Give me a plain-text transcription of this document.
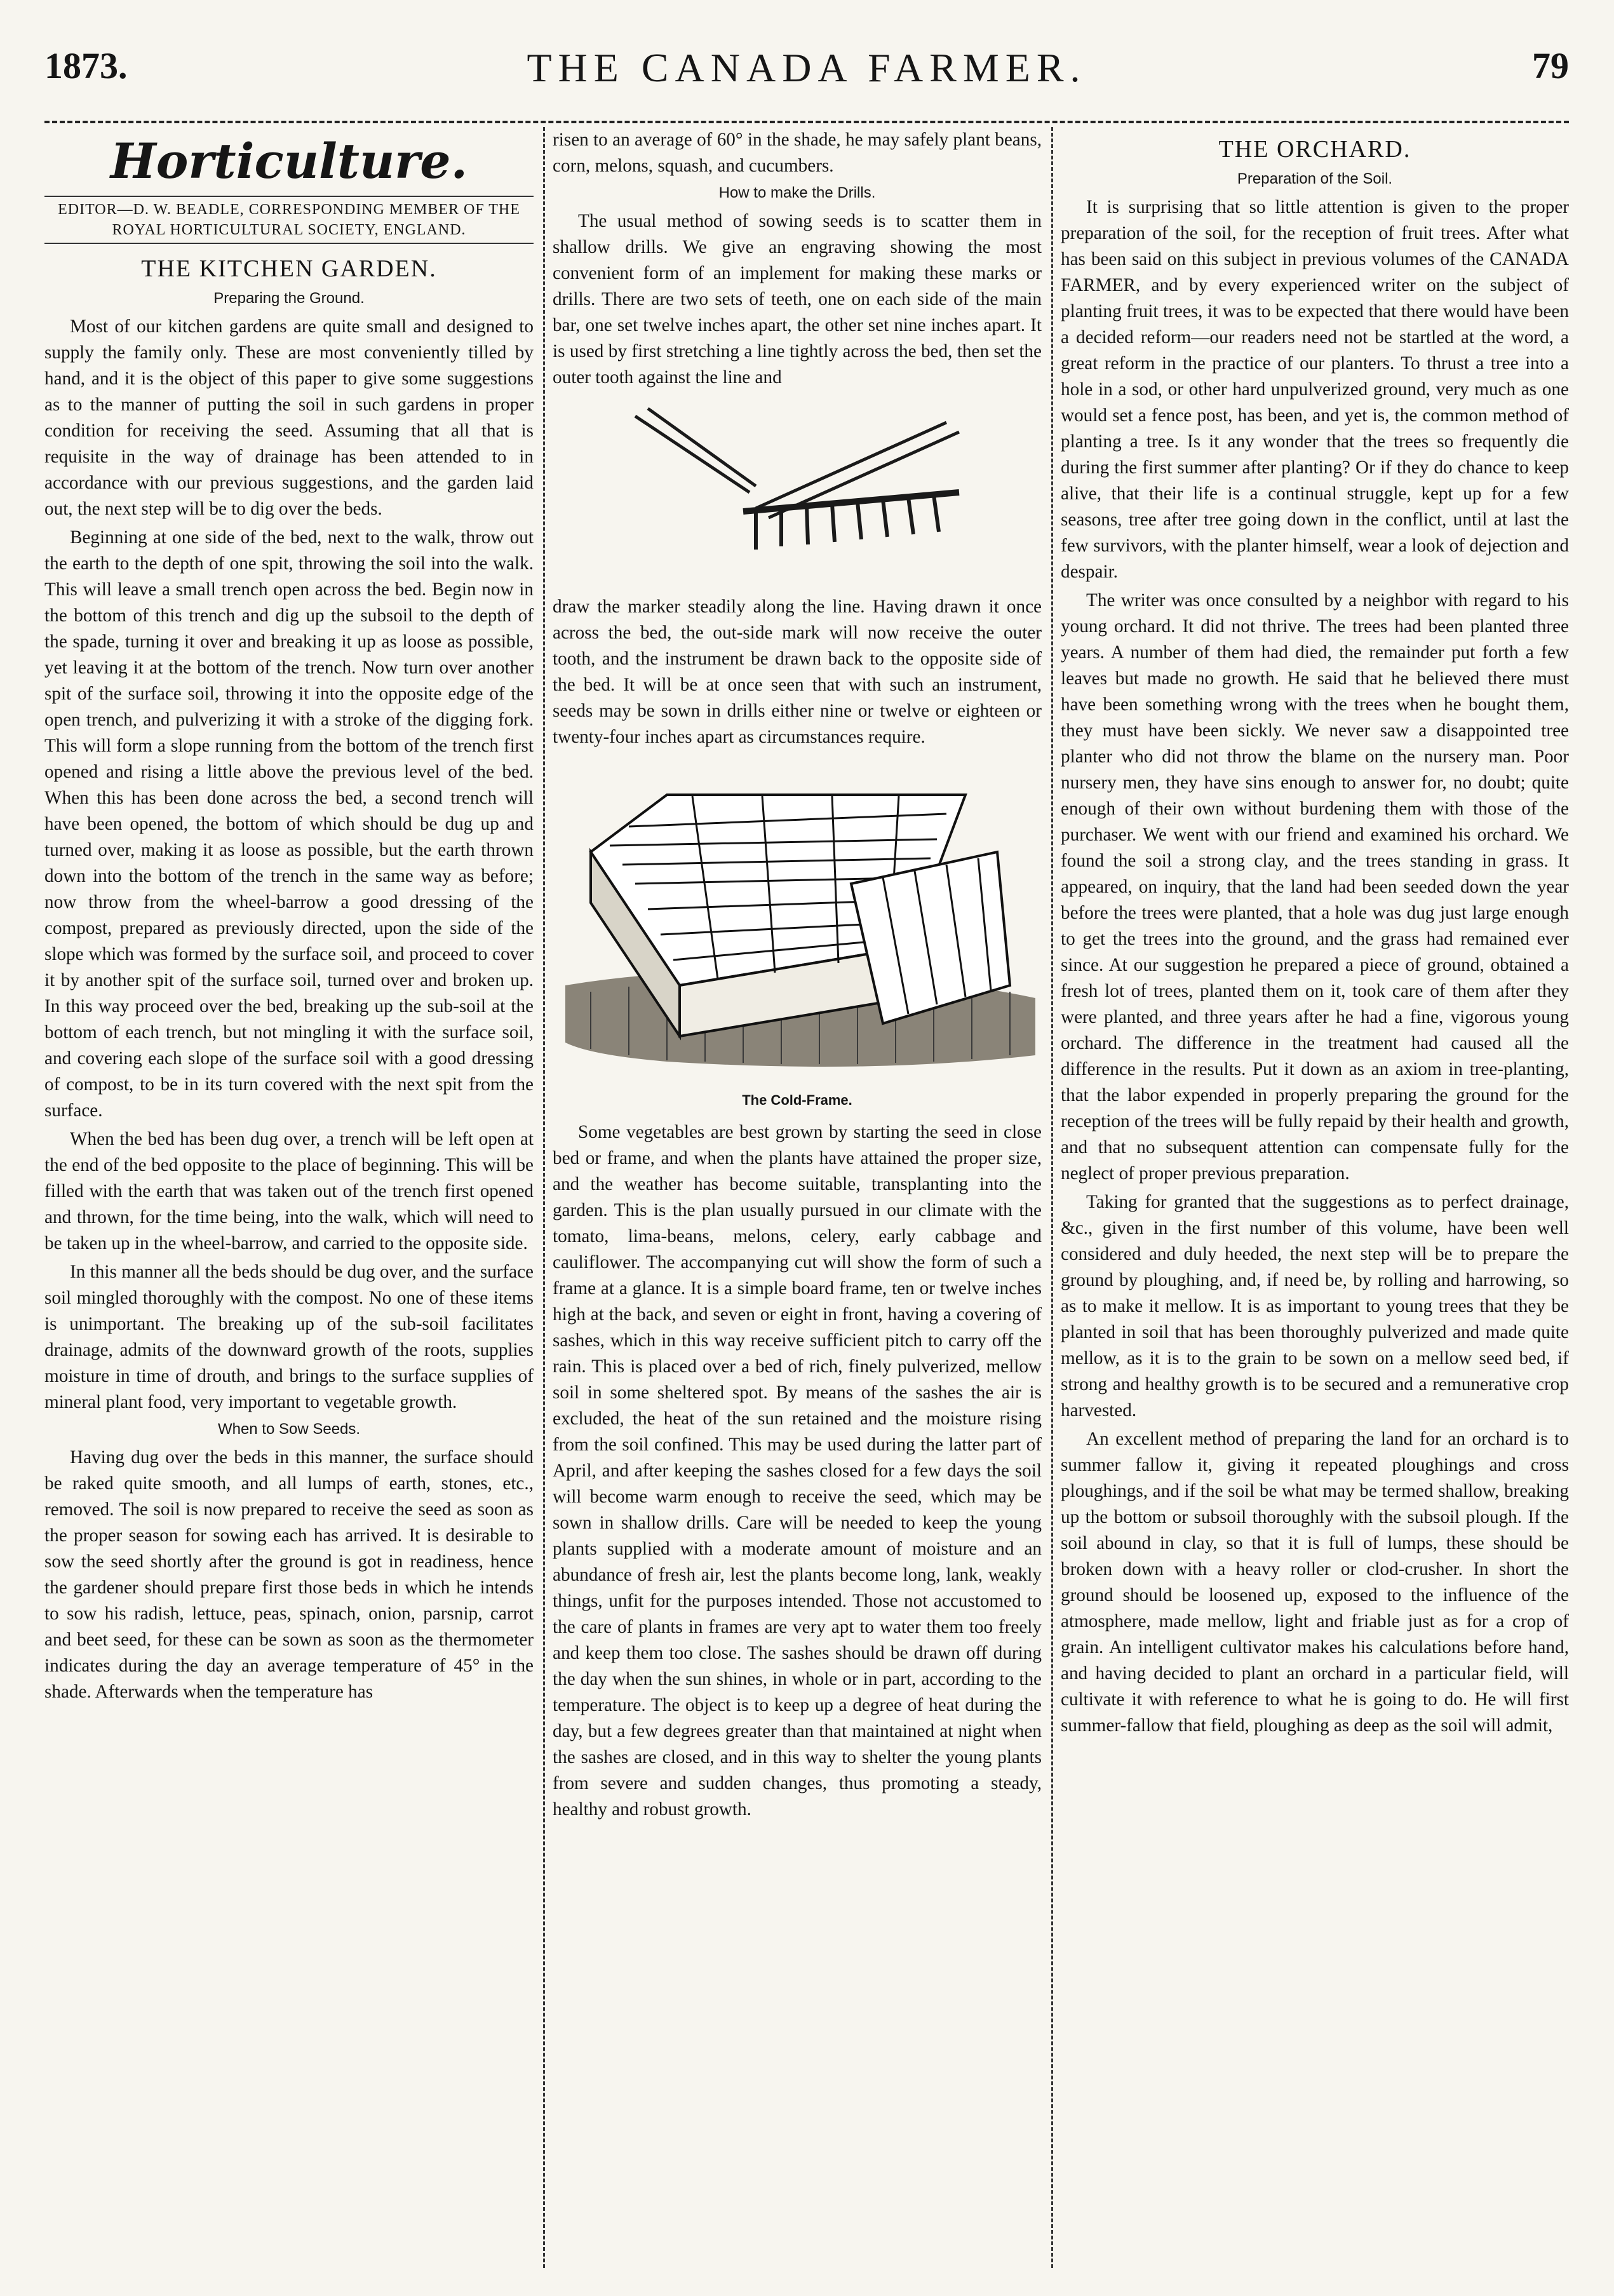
1873.	THE CANADA FARMER.	79
Horticulture.
EDITOR—D. W. BEADLE, CORRESPONDING MEMBER OF THE ROYAL HORTICULTURAL SOCIETY, ENGLAND.
THE KITCHEN GARDEN.
Preparing the Ground.

Most of our kitchen gardens are quite small and designed to supply the family only. These are most conveniently tilled by hand, and it is the object of this paper to give some suggestions as to the manner of putting the soil in such gardens in proper condition for receiving the seed. Assuming that all that is requisite in the way of drainage has been attended to in accordance with our previous suggestions, and the garden laid out, the next step will be to dig over the beds.

Beginning at one side of the bed, next to the walk, throw out the earth to the depth of one spit, throwing the soil into the walk. This will leave a small trench open across the bed. Begin now in the bottom of this trench and dig up the subsoil to the depth of the spade, turning it over and breaking it up as loose as possible, yet leaving it at the bottom of the trench. Now turn over another spit of the surface soil, throwing it into the opposite edge of the open trench, and pulverizing it with a stroke of the digging fork. This will form a slope running from the bottom of the trench first opened and rising a little above the previous level of the bed. When this has been done across the bed, a second trench will have been opened, the bottom of which should be dug up and turned over, making it as loose as possible, but the earth thrown down into the bottom of the trench in the same way as before; now throw from the wheel-barrow a good dressing of the compost, prepared as previously directed, upon the side of the slope which was formed by the surface soil, and proceed to cover it by another spit of the surface soil, turned over and broken up. In this way proceed over the bed, breaking up the sub-soil at the bottom of each trench, but not mingling it with the surface soil, and covering each slope of the surface soil with a good dressing of compost, to be in its turn covered with the next spit from the surface.

When the bed has been dug over, a trench will be left open at the end of the bed opposite to the place of beginning. This will be filled with the earth that was taken out of the trench first opened and thrown, for the time being, into the walk, which will need to be taken up in the wheel-barrow, and carried to the opposite side.

In this manner all the beds should be dug over, and the surface soil mingled thoroughly with the compost. No one of these items is unimportant. The breaking up of the sub-soil facilitates drainage, admits of the downward growth of the roots, supplies moisture in time of drouth, and brings to the surface supplies of mineral plant food, very important to vegetable growth.

When to Sow Seeds.

Having dug over the beds in this manner, the surface should be raked quite smooth, and all lumps of earth, stones, etc., removed. The soil is now prepared to receive the seed as soon as the proper season for sowing each has arrived. It is desirable to sow the seed shortly after the ground is got in readiness, hence the gardener should prepare first those beds in which he intends to sow his radish, lettuce, peas, spinach, onion, parsnip, carrot and beet seed, for these can be sown as soon as the thermometer indicates during the day an average temperature of 45° in the shade. Afterwards when the temperature has

risen to an average of 60° in the shade, he may safely plant beans, corn, melons, squash, and cucumbers.

How to make the Drills.

The usual method of sowing seeds is to scatter them in shallow drills. We give an engraving showing the most convenient form of an implement for making these marks or drills. There are two sets of teeth, one on each side of the main bar, one set twelve inches apart, the other set nine inches apart. It is used by first stretching a line tightly across the bed, then set the outer tooth against the line and

draw the marker steadily along the line. Having drawn it once across the bed, the out-side mark will now receive the outer tooth, and the instrument be drawn back to the opposite side of the bed. It will be at once seen that with such an instrument, seeds may be sown in drills either nine or twelve or eighteen or twenty-four inches apart as circumstances require.

The Cold-Frame.

Some vegetables are best grown by starting the seed in close bed or frame, and when the plants have attained the proper size, and the weather has become suitable, transplanting into the garden. This is the plan usually pursued in our climate with the tomato, lima-beans, melons, celery, early cabbage and cauliflower. The accompanying cut will show the form of such a frame at a glance. It is a simple board frame, ten or twelve inches high at the back, and seven or eight in front, having a covering of sashes, which in this way receive sufficient pitch to carry off the rain. This is placed over a bed of rich, finely pulverized, mellow soil in some sheltered spot. By means of the sashes the air is excluded, the heat of the sun retained and the moisture rising from the soil confined. This may be used during the latter part of April, and after keeping the sashes closed for a few days the soil will become warm enough to receive the seed, which may be sown in shallow drills. Care will be needed to keep the young plants supplied with a moderate amount of moisture and an abundance of fresh air, lest the plants become long, lank, weakly things, unfit for the purposes intended. Those not accustomed to the care of plants in frames are very apt to water them too freely and keep them too close. The sashes should be drawn off during the day when the sun shines, in whole or in part, according to the temperature. The object is to keep up a degree of heat during the day, but a few degrees greater than that maintained at night when the sashes are closed, and in this way to shelter the young plants from severe and sudden changes, thus promoting a steady, healthy and robust growth.

THE ORCHARD.
Preparation of the Soil.

It is surprising that so little attention is given to the proper preparation of the soil, for the reception of fruit trees. After what has been said on this subject in previous volumes of the CANADA FARMER, and by every experienced writer on the subject of planting fruit trees, it was to be expected that there would have been a decided reform—our readers need not be startled at the word, a great reform in the practice of our planters. To thrust a tree into a hole in a sod, or other hard unpulverized ground, very much as one would set a fence post, has been, and yet is, the common method of planting a tree. Is it any wonder that the trees so frequently die during the first summer after planting? Or if they do chance to keep alive, that their life is a continual struggle, kept up for a few seasons, tree after tree going down in the conflict, until at last the few survivors, with the planter himself, wear a look of dejection and despair.

The writer was once consulted by a neighbor with regard to his young orchard. It did not thrive. The trees had been planted three years. A number of them had died, the remainder put forth a few leaves but made no growth. He said that he believed there must have been something wrong with the trees when he bought them, they must have been sickly. We never saw a disappointed tree planter who did not throw the blame on the nursery man. Poor nursery men, they have sins enough to answer for, no doubt; quite enough of their own without burdening them with those of the purchaser. We went with our friend and examined his orchard. We found the soil a strong clay, and the trees standing in grass. It appeared, on inquiry, that the land had been seeded down the year before the trees were planted, that a hole was dug just large enough to get the trees into the ground, and the grass had remained ever since. At our suggestion he prepared a piece of ground, obtained a fresh lot of trees, planted them on it, took care of them after they were planted, and three years after he had a fine, vigorous young orchard. The difference in the treatment had caused all the difference in the results. Put it down as an axiom in tree-planting, that the labor expended in properly preparing the ground for the reception of the trees will be fully repaid by their health and growth, and that no subsequent attention can compensate fully for the neglect of proper previous preparation.

Taking for granted that the suggestions as to perfect drainage, &c., given in the first number of this volume, have been well considered and duly heeded, the next step will be to prepare the ground by ploughing, and, if need be, by rolling and harrowing, so as to make it mellow. It is as important to young trees that they be planted in soil that has been thoroughly pulverized and made quite mellow, as it is to the grain to be sown on a mellow seed bed, if strong and healthy growth is to be secured and a remunerative crop harvested.

An excellent method of preparing the land for an orchard is to summer fallow it, giving it repeated ploughings and cross ploughings, and if the soil be what may be termed shallow, breaking up the bottom or subsoil thoroughly with the subsoil plough. If the soil abound in clay, so that it is full of lumps, these should be broken down with a heavy roller or clod-crusher. In short the ground should be loosened up, exposed to the influence of the atmosphere, made mellow, light and friable just as for a crop of grain. An intelligent cultivator makes his calculations before hand, and having decided to plant an orchard in a particular field, will cultivate it with reference to what he is going to do. He will first summer-fallow that field, ploughing as deep as the soil will admit,
